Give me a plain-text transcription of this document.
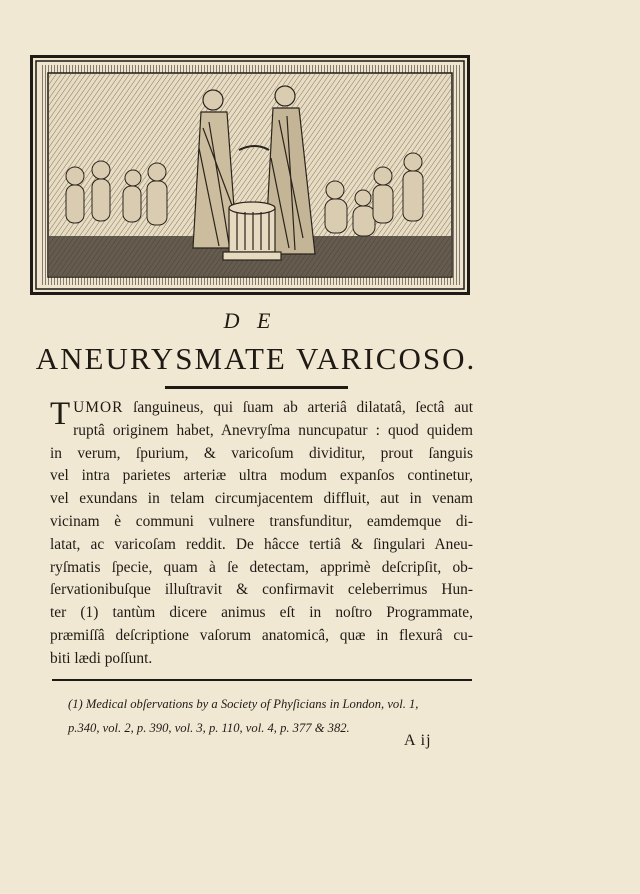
D E
ANEURYSMATE VARICOSO.
T UMOR ſanguineus, qui ſuam ab arteriâ dilatatâ, ſectâ aut
ruptâ originem habet, Anevryſma nuncupatur : quod quidem
in verum, ſpurium, & varicoſum dividitur, prout ſanguis
vel intra parietes arteriæ ultra modum expanſos continetur,
vel exundans in telam circumjacentem diffluit, aut in venam
vicinam è communi vulnere transfunditur, eamdemque di-
latat, ac varicoſam reddit. De hâcce tertiâ & ſingulari Aneu-
ryſmatis ſpecie, quam à ſe detectam, apprimè deſcripſit, ob-
ſervationibuſque illuſtravit & confirmavit celeberrimus Hun-
ter (1) tantùm dicere animus eſt in noſtro Programmate,
præmiſſâ deſcriptione vaſorum anatomicâ, quæ in flexurâ cu-
biti lædi poſſunt.
(1) Medical obſervations by a Society of Phyſicians in London, vol. 1,
p.340, vol. 2, p. 390, vol. 3, p. 110, vol. 4, p. 377 & 382.
A ij
